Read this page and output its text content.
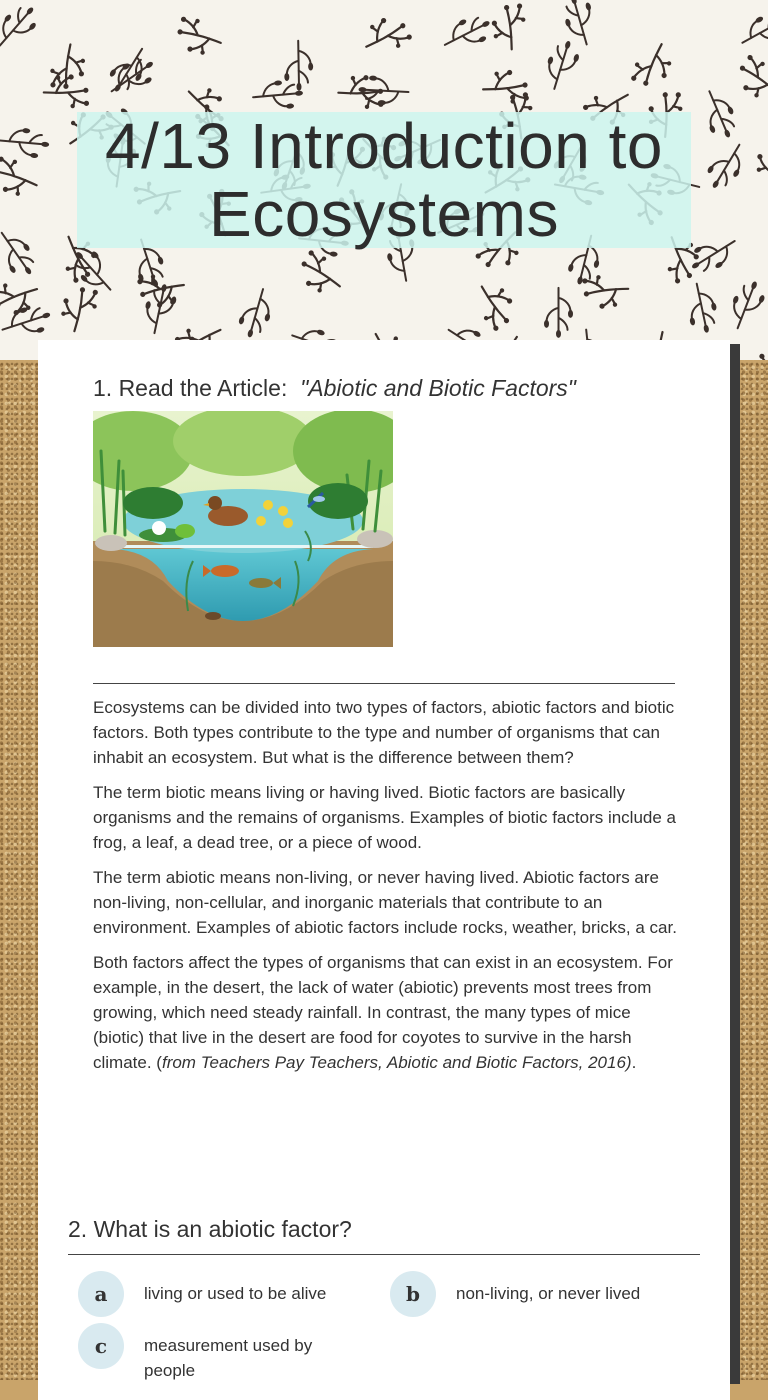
4/13 Introduction to Ecosystems
1. Read the Article: "Abiotic and Biotic Factors"

Ecosystems can be divided into two types of factors, abiotic factors and biotic factors. Both types contribute to the type and number of organisms that can inhabit an ecosystem. But what is the difference between them?

The term biotic means living or having lived. Biotic factors are basically organisms and the remains of organisms. Examples of biotic factors include a frog, a leaf, a dead tree, or a piece of wood.

The term abiotic means non-living, or never having lived. Abiotic factors are non-living, non-cellular, and inorganic materials that contribute to an environment. Examples of abiotic factors include rocks, weather, bricks, a car.

Both factors affect the types of organisms that can exist in an ecosystem. For example, in the desert, the lack of water (abiotic) prevents most trees from growing, which need steady rainfall. In contrast, the many types of mice (biotic) that live in the desert are food for coyotes to survive in the harsh climate. (from Teachers Pay Teachers, Abiotic and Biotic Factors, 2016).

2. What is an abiotic factor?
a	living or used to be alive	b	non-living, or never lived
c	measurement used by people
